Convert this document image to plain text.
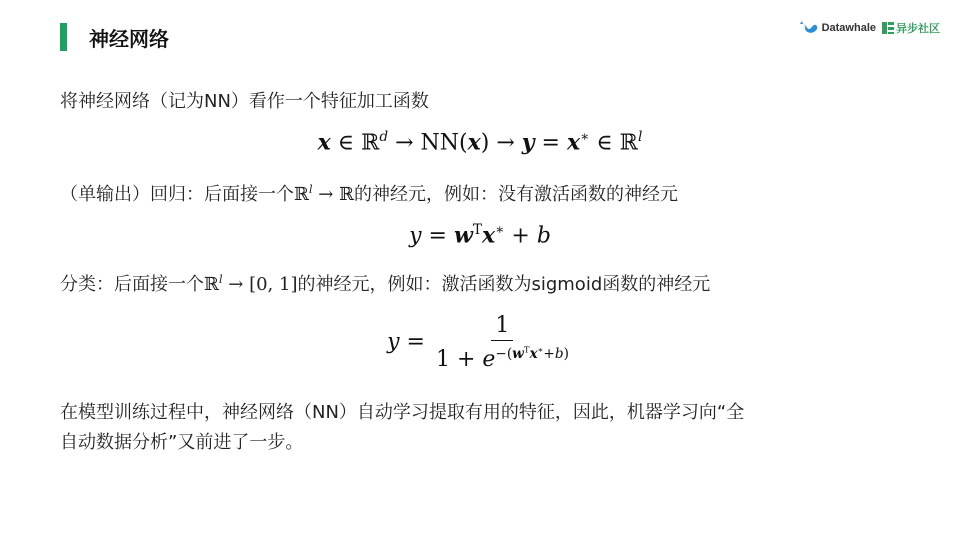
神经网络	Datawhale 异步社区
将神经网络（记为NN）看作一个特征加工函数
x ∈ ℝ$^d$ → NN(x) → y = x∗ ∈ ℝ$^l$
（单输出）回归：后面接一个ℝ$^l$ → ℝ的神经元，例如：没有激活函数的神经元
$y = w^Tx^∗ + b$
分类：后面接一个ℝ$^l$ → [0, 1]的神经元，例如：激活函数为sigmoid函数的神经元
$y = \frac{1}{1 + e^{-(w^Tx^∗+b)}}$
在模型训练过程中，神经网络（NN）自动学习提取有用的特征，因此，机器学习向“全
自动数据分析”又前进了一步。
